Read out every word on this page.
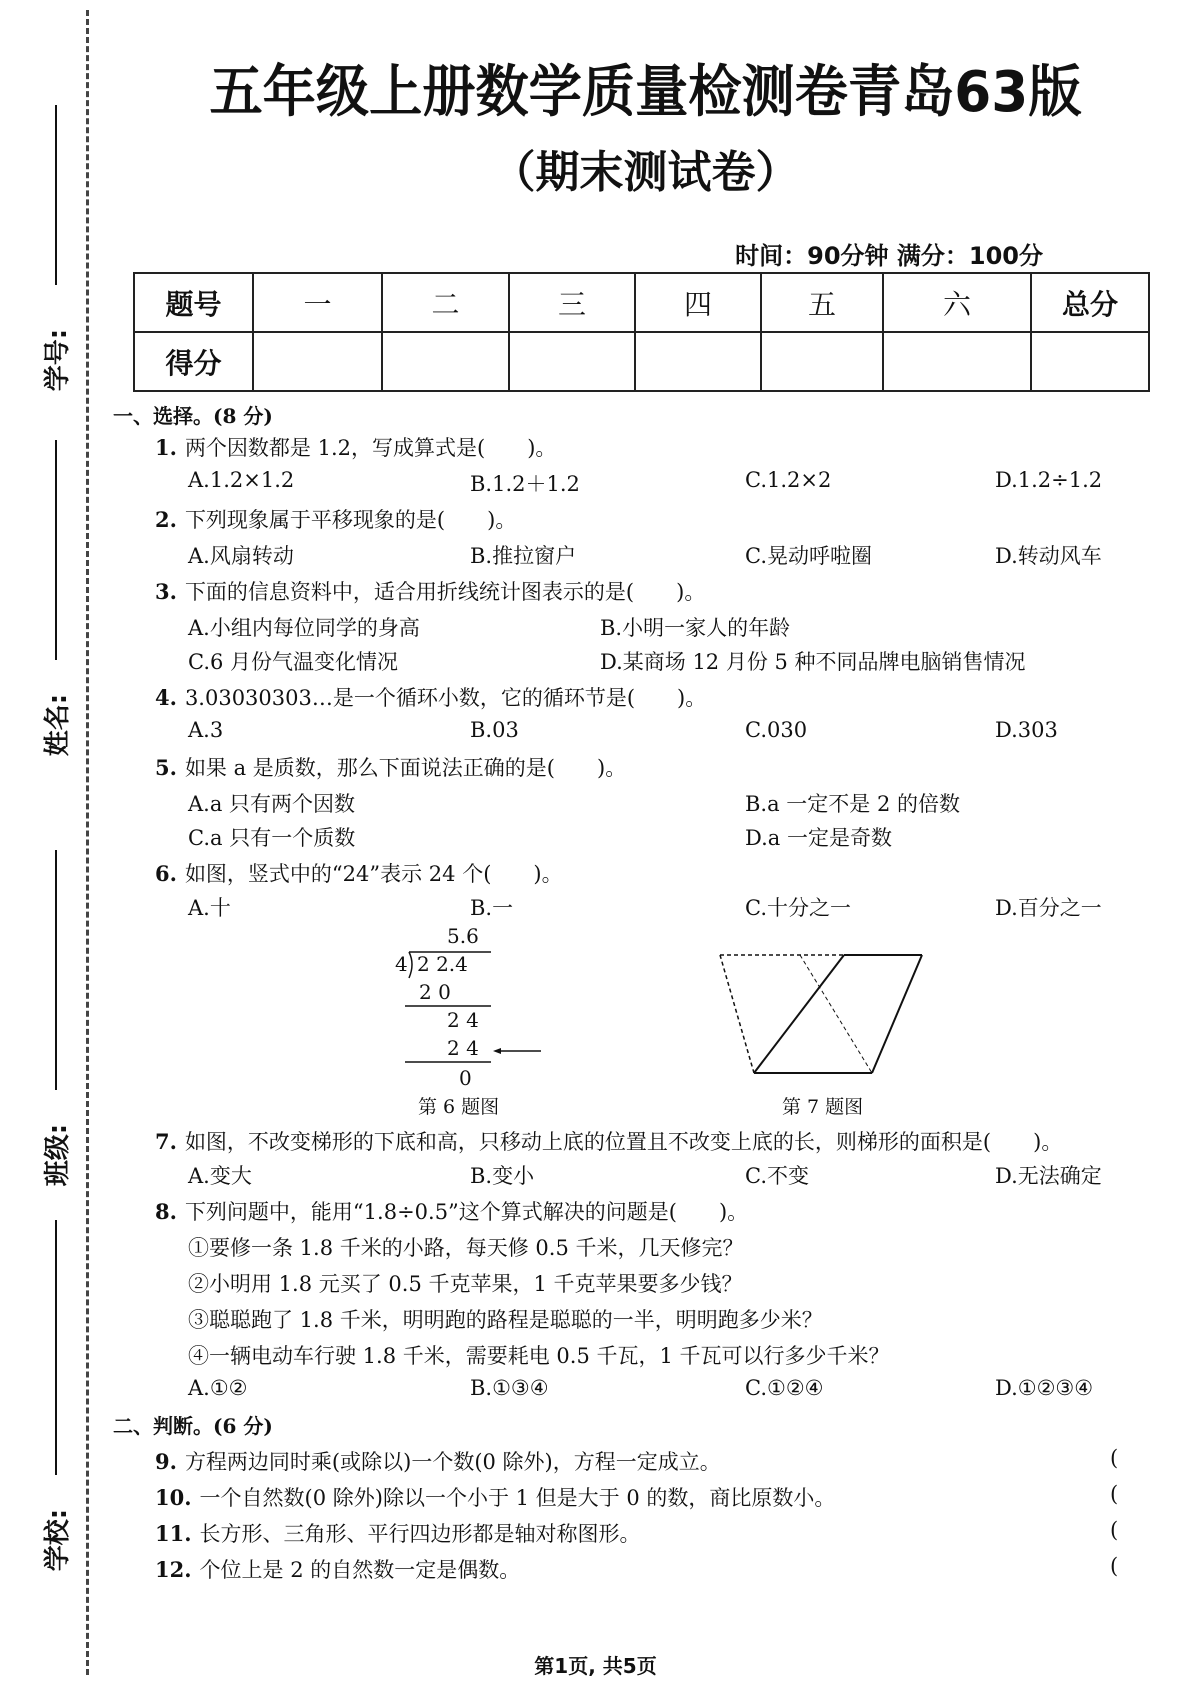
学号:
姓名:
班级:
学校:
五年级上册数学质量检测卷青岛63版
（期末测试卷）
时间：90分钟 满分：100分
题号	一	二	三	四	五	六	总分
得分							
一、选择。(8 分)
1. 两个因数都是 1.2，写成算式是(　　)。
A.1.2×1.2	B.1.2＋1.2	C.1.2×2	D.1.2÷1.2
2. 下列现象属于平移现象的是(　　)。
A.风扇转动	B.推拉窗户	C.晃动呼啦圈	D.转动风车
3. 下面的信息资料中，适合用折线统计图表示的是(　　)。
A.小组内每位同学的身高	B.小明一家人的年龄
C.6 月份气温变化情况	D.某商场 12 月份 5 种不同品牌电脑销售情况
4. 3.03030303…是一个循环小数，它的循环节是(　　)。
A.3	B.03	C.030	D.303
5. 如果 a 是质数，那么下面说法正确的是(　　)。
A.a 只有两个因数	B.a 一定不是 2 的倍数
C.a 只有一个质数	D.a 一定是奇数
6. 如图，竖式中的“24”表示 24 个(　　)。
A.十	B.一	C.十分之一	D.百分之一
5.6
4 2 2.4
2 0
2 4
2 4
0
第 6 题图	第 7 题图
7. 如图，不改变梯形的下底和高，只移动上底的位置且不改变上底的长，则梯形的面积是(　　)。
A.变大	B.变小	C.不变	D.无法确定
8. 下列问题中，能用“1.8÷0.5”这个算式解决的问题是(　　)。
①要修一条 1.8 千米的小路，每天修 0.5 千米，几天修完？
②小明用 1.8 元买了 0.5 千克苹果，1 千克苹果要多少钱？
③聪聪跑了 1.8 千米，明明跑的路程是聪聪的一半，明明跑多少米？
④一辆电动车行驶 1.8 千米，需要耗电 0.5 千瓦，1 千瓦可以行多少千米？
A.①②	B.①③④	C.①②④	D.①②③④
二、判断。(6 分)
9. 方程两边同时乘(或除以)一个数(0 除外)，方程一定成立。	(
10. 一个自然数(0 除外)除以一个小于 1 但是大于 0 的数，商比原数小。	(
11. 长方形、三角形、平行四边形都是轴对称图形。	(
12. 个位上是 2 的自然数一定是偶数。	(
第1页, 共5页
